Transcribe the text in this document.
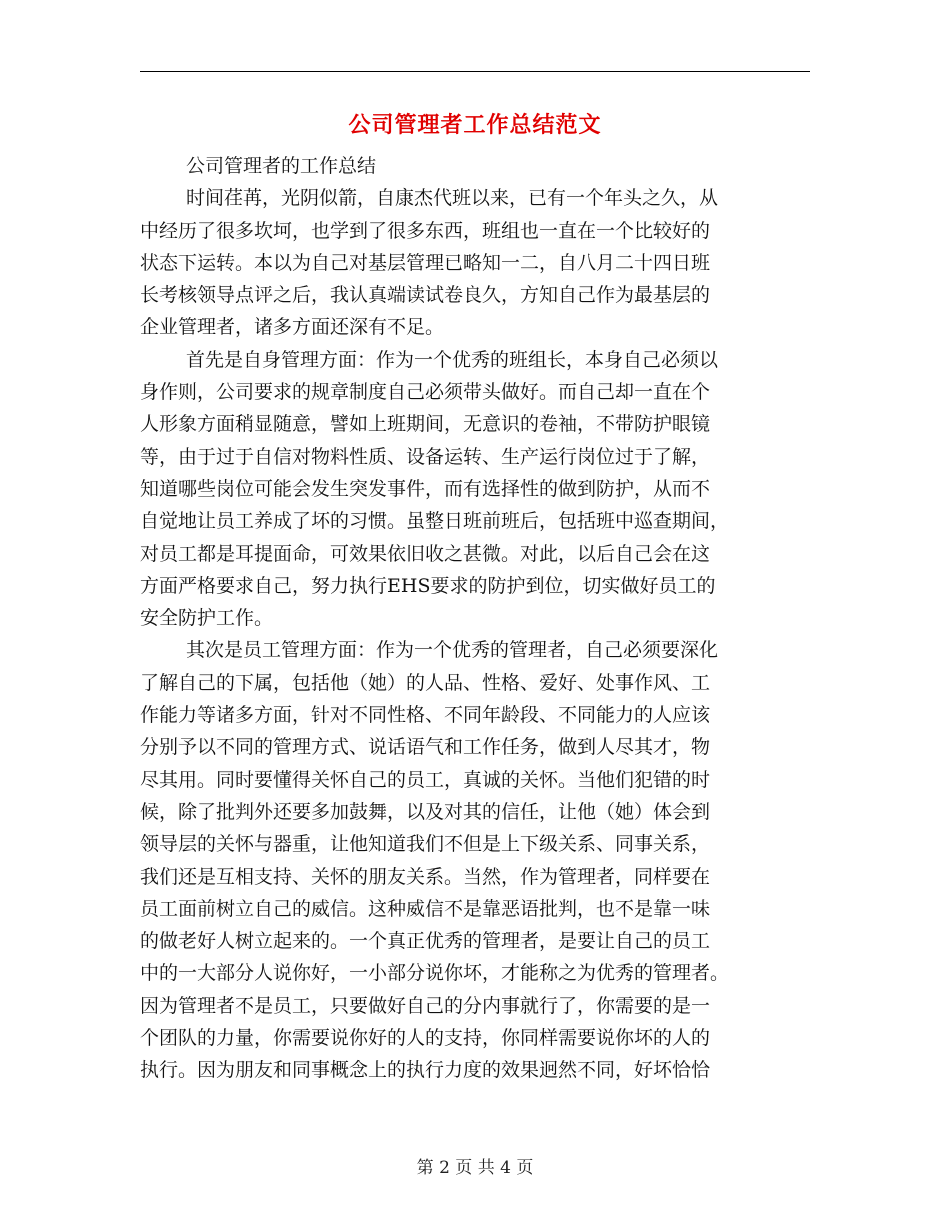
公司管理者工作总结范文
公司管理者的工作总结
时间荏苒，光阴似箭，自康杰代班以来，已有一个年头之久，从
中经历了很多坎坷，也学到了很多东西，班组也一直在一个比较好的
状态下运转。本以为自己对基层管理已略知一二，自八月二十四日班
长考核领导点评之后，我认真端读试卷良久，方知自己作为最基层的
企业管理者，诸多方面还深有不足。
首先是自身管理方面：作为一个优秀的班组长，本身自己必须以
身作则，公司要求的规章制度自己必须带头做好。而自己却一直在个
人形象方面稍显随意，譬如上班期间，无意识的卷袖，不带防护眼镜
等，由于过于自信对物料性质、设备运转、生产运行岗位过于了解，
知道哪些岗位可能会发生突发事件，而有选择性的做到防护，从而不
自觉地让员工养成了坏的习惯。虽整日班前班后，包括班中巡查期间，
对员工都是耳提面命，可效果依旧收之甚微。对此，以后自己会在这
方面严格要求自己，努力执行EHS要求的防护到位，切实做好员工的
安全防护工作。
其次是员工管理方面：作为一个优秀的管理者，自己必须要深化
了解自己的下属，包括他（她）的人品、性格、爱好、处事作风、工
作能力等诸多方面，针对不同性格、不同年龄段、不同能力的人应该
分别予以不同的管理方式、说话语气和工作任务，做到人尽其才，物
尽其用。同时要懂得关怀自己的员工，真诚的关怀。当他们犯错的时
候，除了批判外还要多加鼓舞，以及对其的信任，让他（她）体会到
领导层的关怀与器重，让他知道我们不但是上下级关系、同事关系，
我们还是互相支持、关怀的朋友关系。当然，作为管理者，同样要在
员工面前树立自己的威信。这种威信不是靠恶语批判，也不是靠一味
的做老好人树立起来的。一个真正优秀的管理者，是要让自己的员工
中的一大部分人说你好，一小部分说你坏，才能称之为优秀的管理者。
因为管理者不是员工，只要做好自己的分内事就行了，你需要的是一
个团队的力量，你需要说你好的人的支持，你同样需要说你坏的人的
执行。因为朋友和同事概念上的执行力度的效果迥然不同，好坏恰恰
第 2 页 共 4 页
